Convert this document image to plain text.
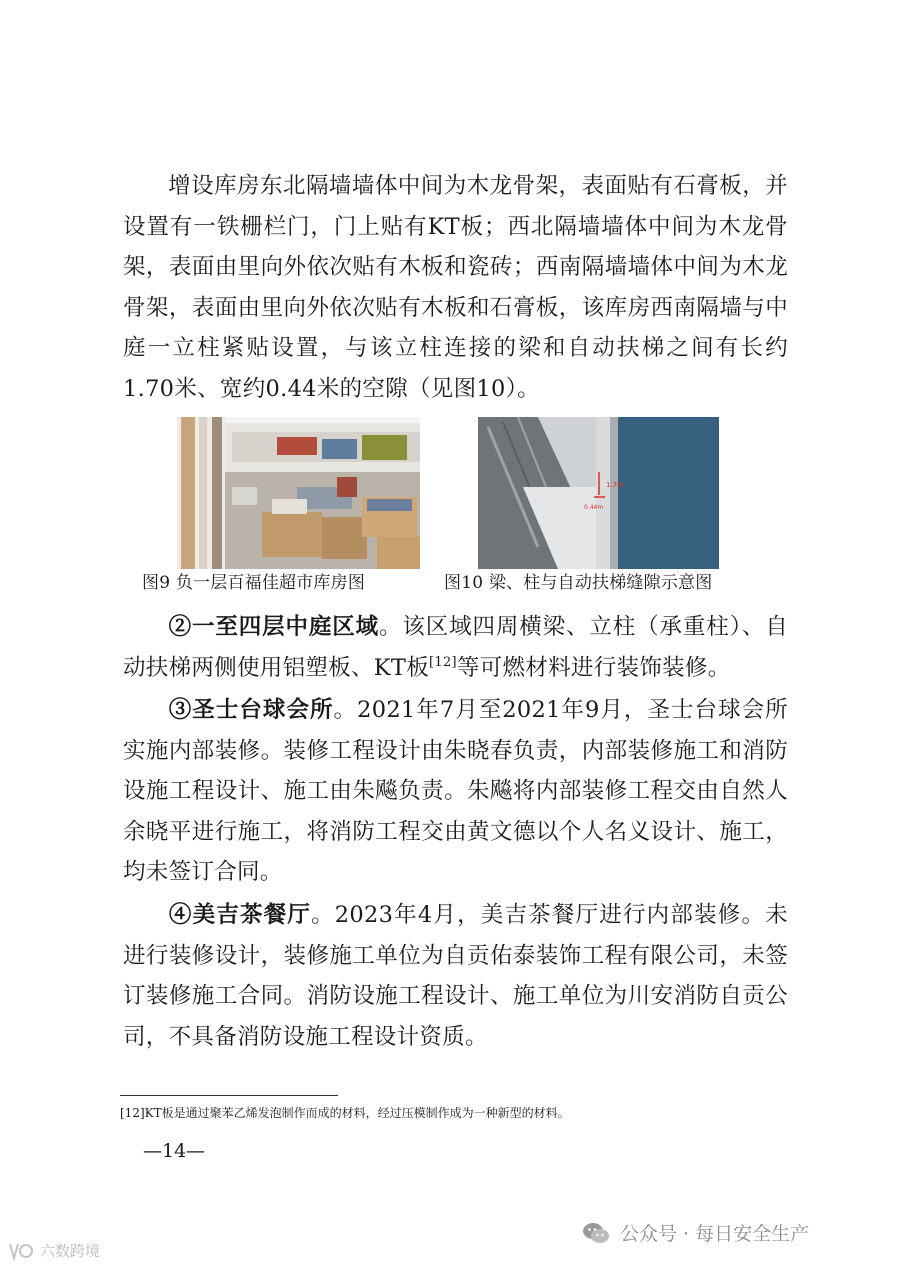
增设库房东北隔墙墙体中间为木龙骨架，表面贴有石膏板，并设置有一铁栅栏门，门上贴有KT板；西北隔墙墙体中间为木龙骨架，表面由里向外依次贴有木板和瓷砖；西南隔墙墙体中间为木龙骨架，表面由里向外依次贴有木板和石膏板，该库房西南隔墙与中庭一立柱紧贴设置，与该立柱连接的梁和自动扶梯之间有长约1.70米、宽约0.44米的空隙（见图10）。

1.7m
0.44m
图9 负一层百福佳超市库房图	图10 梁、柱与自动扶梯缝隙示意图

②一至四层中庭区域。该区域四周横梁、立柱（承重柱）、自动扶梯两侧使用铝塑板、KT板[12]等可燃材料进行装饰装修。

③圣士台球会所。2021年7月至2021年9月，圣士台球会所实施内部装修。装修工程设计由朱晓春负责，内部装修施工和消防设施工程设计、施工由朱飚负责。朱飚将内部装修工程交由自然人余晓平进行施工，将消防工程交由黄文德以个人名义设计、施工，均未签订合同。

④美吉茶餐厅。2023年4月，美吉茶餐厅进行内部装修。未进行装修设计，装修施工单位为自贡佑泰装饰工程有限公司，未签订装修施工合同。消防设施工程设计、施工单位为川安消防自贡公司，不具备消防设施工程设计资质。

[12]KT板是通过聚苯乙烯发泡制作而成的材料，经过压模制作成为一种新型的材料。
—14—
公众号 · 每日安全生产
六数跨境
